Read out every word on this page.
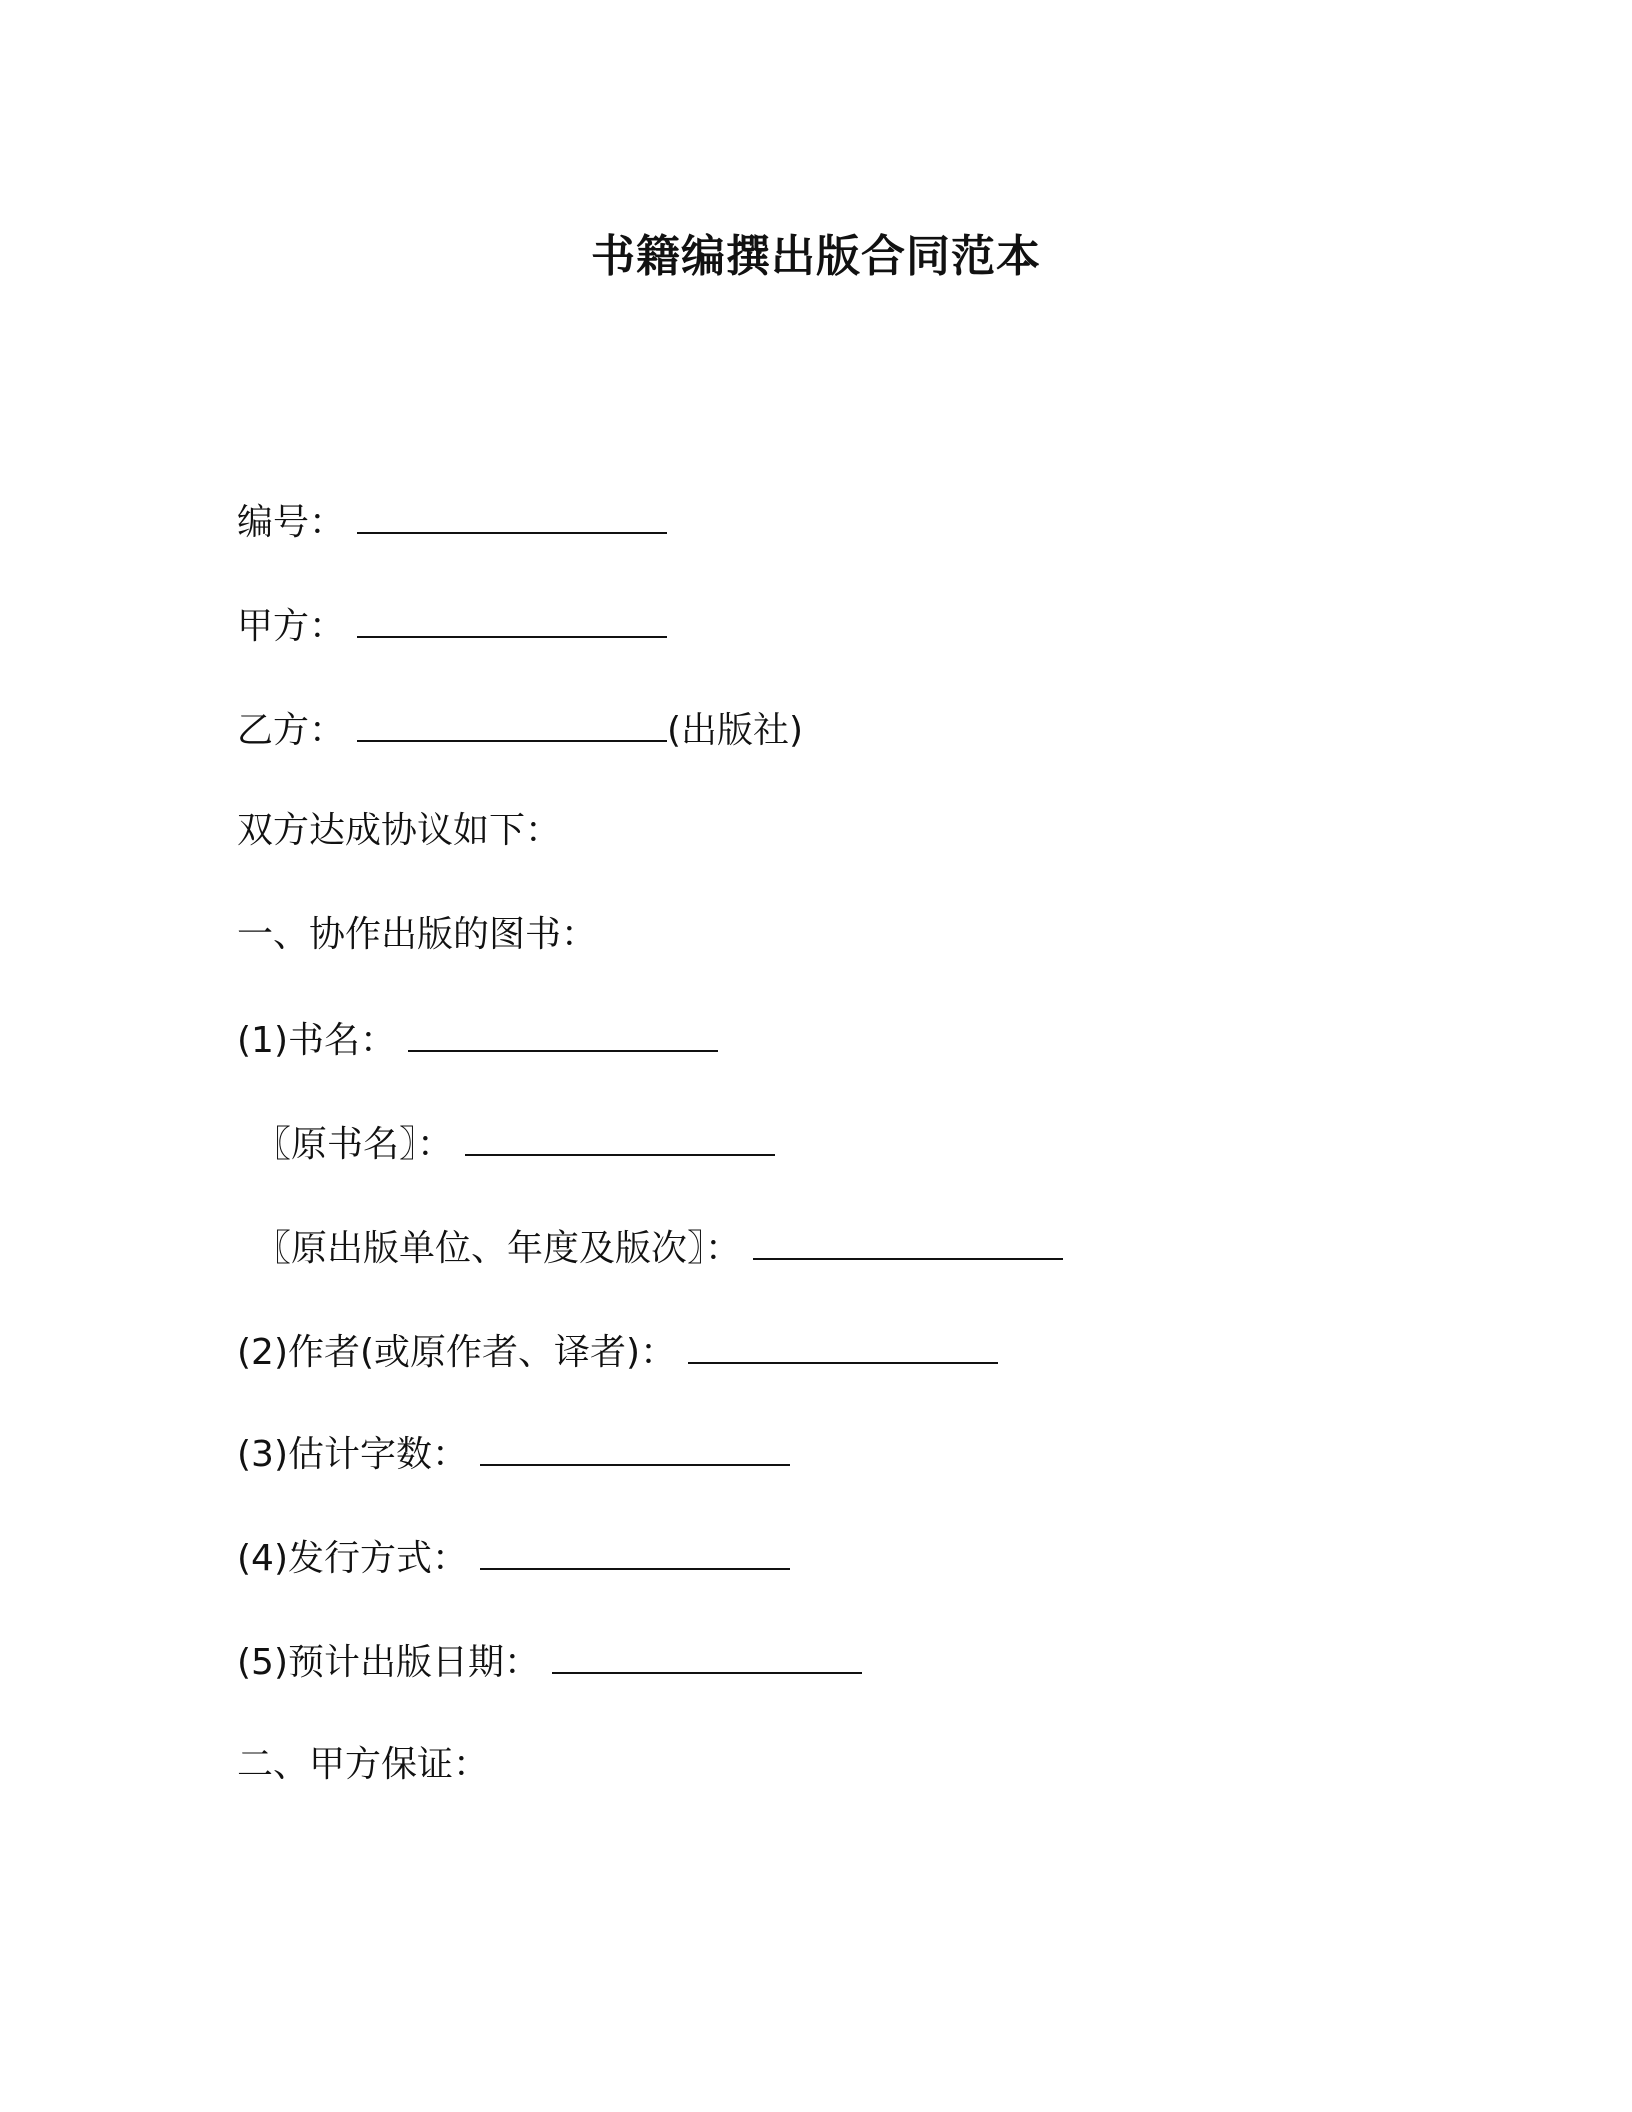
书籍编撰出版合同范本
编号：
甲方：
乙方：	(出版社)
双方达成协议如下：
一、协作出版的图书：
(1)书名：
〖原书名〗：
〖原出版单位、年度及版次〗：
(2)作者(或原作者、译者)：
(3)估计字数：
(4)发行方式：
(5)预计出版日期：
二、甲方保证：
